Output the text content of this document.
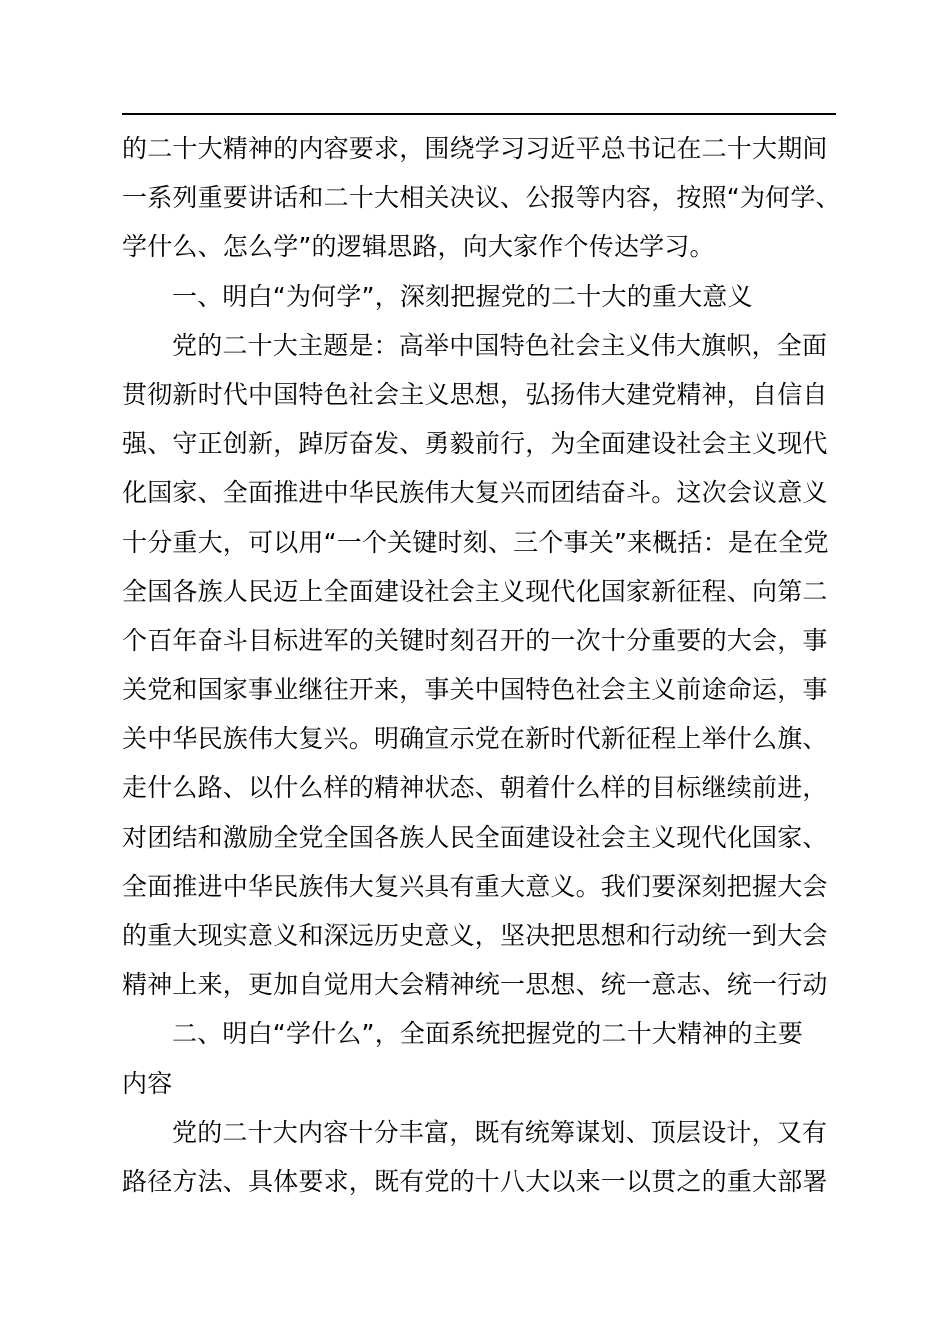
的二十大精神的内容要求，围绕学习习近平总书记在二十大期间
一系列重要讲话和二十大相关决议、公报等内容，按照“为何学、
学什么、怎么学”的逻辑思路，向大家作个传达学习。
一、明白“为何学”，深刻把握党的二十大的重大意义
党的二十大主题是：高举中国特色社会主义伟大旗帜，全面
贯彻新时代中国特色社会主义思想，弘扬伟大建党精神，自信自
强、守正创新，踔厉奋发、勇毅前行，为全面建设社会主义现代
化国家、全面推进中华民族伟大复兴而团结奋斗。这次会议意义
十分重大，可以用“一个关键时刻、三个事关”来概括：是在全党
全国各族人民迈上全面建设社会主义现代化国家新征程、向第二
个百年奋斗目标进军的关键时刻召开的一次十分重要的大会，事
关党和国家事业继往开来，事关中国特色社会主义前途命运，事
关中华民族伟大复兴。明确宣示党在新时代新征程上举什么旗、
走什么路、以什么样的精神状态、朝着什么样的目标继续前进，
对团结和激励全党全国各族人民全面建设社会主义现代化国家、
全面推进中华民族伟大复兴具有重大意义。我们要深刻把握大会
的重大现实意义和深远历史意义，坚决把思想和行动统一到大会
精神上来，更加自觉用大会精神统一思想、统一意志、统一行动
二、明白“学什么”，全面系统把握党的二十大精神的主要
内容
党的二十大内容十分丰富，既有统筹谋划、顶层设计，又有
路径方法、具体要求，既有党的十八大以来一以贯之的重大部署
